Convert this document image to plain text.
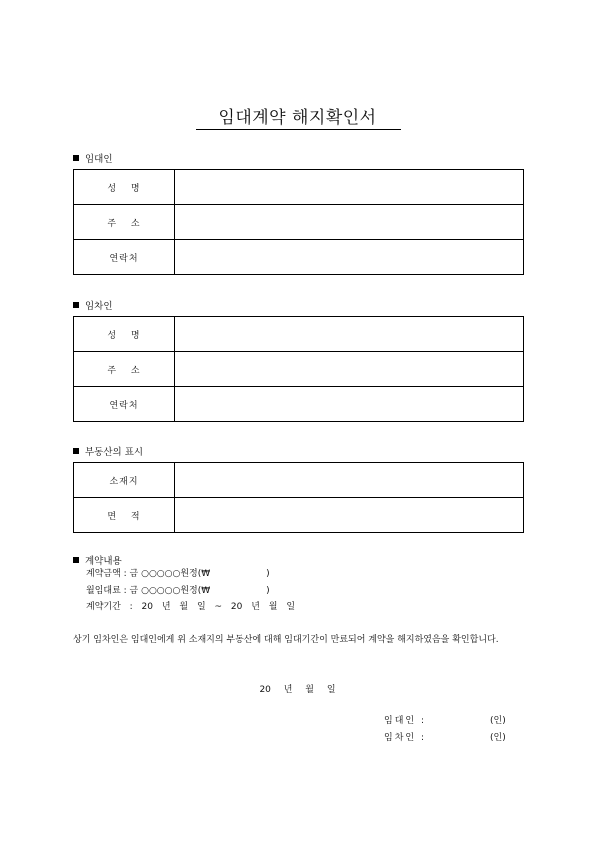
임대계약 해지확인서
임대인
성 명	
주 소	
연락처	
임차인
성 명	
주 소	
연락처	
부동산의 표시
소재지	
면 적	
계약내용
계약금액 : 금 ○○○○○원정(₩	)
월임대료 : 금 ○○○○○원정(₩	)
계약기간 : 20 년 월 일 ~ 20 년 월 일
상기 임차인은 임대인에게 위 소재지의 부동산에 대해 임대기간이 만료되어 계약을 해지하였음을 확인합니다.
20 년 월 일
임대인 :	(인)
임차인 :	(인)
